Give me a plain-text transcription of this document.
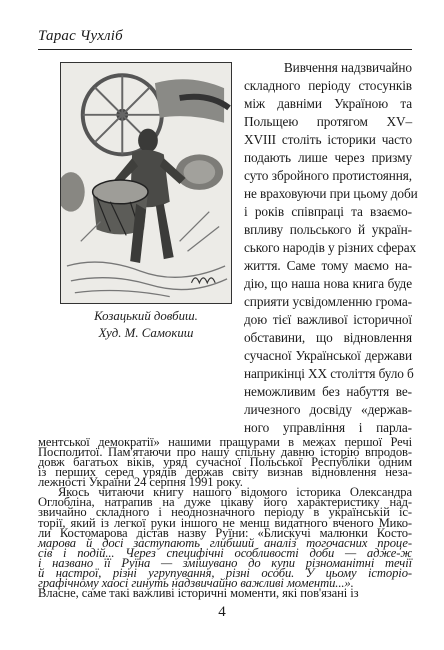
Тарас Чухліб
Козацький довбиш.
Худ. М. Самокиш
Вивчення надзвичайно
складного періоду стосунків
між давніми Україною та
Польщею протягом XV–
XVIII століть історики часто
подають лише через призму
суто збройного протистояння,
не враховуючи при цьому доби
і років співпраці та взаємо-
впливу польського й україн-
ського народів у різних сферах
життя. Саме тому маємо на-
дію, що наша нова книга буде
сприяти усвідомленню грома-
дою тієї важливої історичної
обставини, що відновлення
сучасної Української держави
наприкінці XX століття було б
неможливим без набуття ве-
личезного досвіду «держав-
ного управління і парла-
4
ментської демократії» нашими пращурами в межах першої Речі
Посполитої. Пам'ятаючи про нашу спільну давню історію впродов-
довж багатьох віків, уряд сучасної Польської Республіки одним
із перших серед урядів держав світу визнав відновлення неза-
лежності України 24 серпня 1991 року.
Якось читаючи книгу нашого відомого історика Олександра
Оглобліна, натрапив на дуже цікаву його характеристику над-
звичайно складного і неоднозначного періоду в українській іс-
торії, який із легкої руки іншого не менш видатного вченого Мико-
ли Костомарова дістав назву Руїни: «Блискучі малюнки Косто-
марова й досі заступають глибший аналіз тогочасних проце-
сів і подій... Через специфічні особливості доби — адже-ж
і названо її Руїна — змішувано до купи різноманітні течії
й настрої, різні угрупування, різні особи. У цьому історіо-
графічному хаосі гинуть надзвичайно важливі моменти...».
Власне, саме такі важливі історичні моменти, які пов'язані із
